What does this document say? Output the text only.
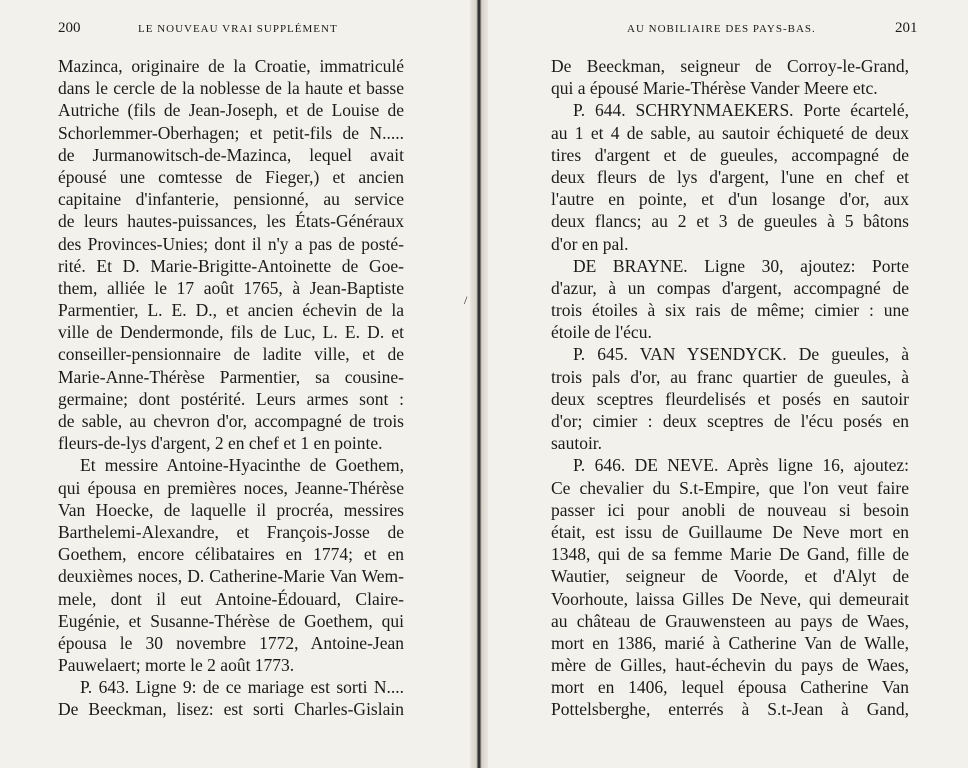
200	LE NOUVEAU VRAI SUPPLÉMENT
Mazinca, originaire de la Croatie, immatriculé
dans le cercle de la noblesse de la haute et basse
Autriche (fils de Jean-Joseph, et de Louise de
Schorlemmer-Oberhagen; et petit-fils de N.....
de Jurmanowitsch-de-Mazinca, lequel avait
épousé une comtesse de Fieger,) et ancien
capitaine d'infanterie, pensionné, au service
de leurs hautes-puissances, les États-Généraux
des Provinces-Unies; dont il n'y a pas de posté-
rité. Et D. Marie-Brigitte-Antoinette de Goe-
them, alliée le 17 août 1765, à Jean-Baptiste
Parmentier, L. E. D., et ancien échevin de la
ville de Dendermonde, fils de Luc, L. E. D. et
conseiller-pensionnaire de ladite ville, et de
Marie-Anne-Thérèse Parmentier, sa cousine-
germaine; dont postérité. Leurs armes sont :
de sable, au chevron d'or, accompagné de trois
fleurs-de-lys d'argent, 2 en chef et 1 en pointe.
Et messire Antoine-Hyacinthe de Goethem,
qui épousa en premières noces, Jeanne-Thérèse
Van Hoecke, de laquelle il procréa, messires
Barthelemi-Alexandre, et François-Josse de
Goethem, encore célibataires en 1774; et en
deuxièmes noces, D. Catherine-Marie Van Wem-
mele, dont il eut Antoine-Édouard, Claire-
Eugénie, et Susanne-Thérèse de Goethem, qui
épousa le 30 novembre 1772, Antoine-Jean
Pauwelaert; morte le 2 août 1773.
P. 643. Ligne 9: de ce mariage est sorti N....
De Beeckman, lisez: est sorti Charles-Gislain
/
AU NOBILIAIRE DES PAYS-BAS.	201
De Beeckman, seigneur de Corroy-le-Grand,
qui a épousé Marie-Thérèse Vander Meere etc.
P. 644. SCHRYNMAEKERS. Porte écartelé,
au 1 et 4 de sable, au sautoir échiqueté de deux
tires d'argent et de gueules, accompagné de
deux fleurs de lys d'argent, l'une en chef et
l'autre en pointe, et d'un losange d'or, aux
deux flancs; au 2 et 3 de gueules à 5 bâtons
d'or en pal.
DE BRAYNE. Ligne 30, ajoutez: Porte
d'azur, à un compas d'argent, accompagné de
trois étoiles à six rais de même; cimier : une
étoile de l'écu.
P. 645. VAN YSENDYCK. De gueules, à
trois pals d'or, au franc quartier de gueules, à
deux sceptres fleurdelisés et posés en sautoir
d'or; cimier : deux sceptres de l'écu posés en
sautoir.
P. 646. DE NEVE. Après ligne 16, ajoutez:
Ce chevalier du S.t-Empire, que l'on veut faire
passer ici pour anobli de nouveau si besoin
était, est issu de Guillaume De Neve mort en
1348, qui de sa femme Marie De Gand, fille de
Wautier, seigneur de Voorde, et d'Alyt de
Voorhoute, laissa Gilles De Neve, qui demeurait
au château de Grauwensteen au pays de Waes,
mort en 1386, marié à Catherine Van de Walle,
mère de Gilles, haut-échevin du pays de Waes,
mort en 1406, lequel épousa Catherine Van
Pottelsberghe, enterrés à S.t-Jean à Gand,
